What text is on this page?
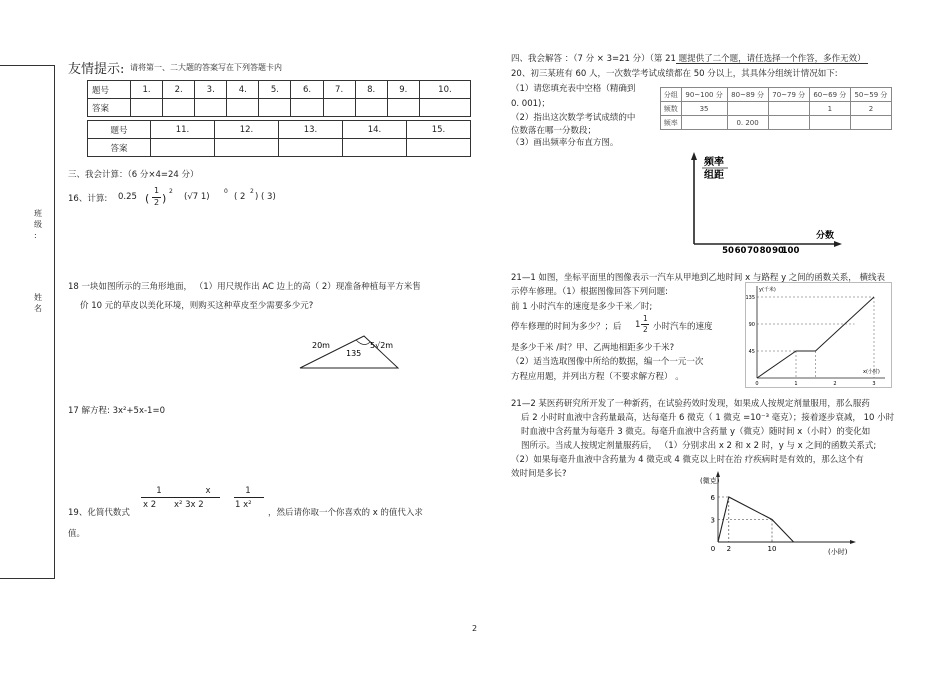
班
级
:
姓
名
友情提示: 请将第一、二大题的答案写在下列答题卡内
题号	1.	2.	3.	4.	5.	6.	7.	8.	9.	10.
答案										
题号	11.	12.	13.	14.	15.
答案					
三、我会计算：（6 分×4=24 分）
16、计算: 0.25 (
1
2 )
2
(√7 1)
0
( 2
2
) ( 3)
18 一块如图所示的三角形地面， （1）用尺规作出 AC 边上的高（ 2）现准备种植每平方米售
价 10 元的草皮以美化环境，则购买这种草皮至少需要多少元?
20m
135
5√2m
17 解方程: 3x²+5x-1=0
19、化简代数式
1
x 2
x
x² 3x 2
1
1 x²
，然后请你取一个你喜欢的 x 的值代入求
值。
四、我会解答 ：（7 分 × 3=21 分）（第 21 题提供了二个题，请任选择一个作答，多作无效）
20、初三某班有 60 人，一次数学考试成绩都在 50 分以上，其具体分组统计情况如下:
（1）请您填充表中空格（精确到
0. 001)；
（2）指出这次数学考试成绩的中
位数落在哪一分数段；
（3）画出频率分布直方图。
分组	90~100 分	80~89 分	70~79 分	60~69 分	50~59 分
频数	35			1	2
频率		0. 200			
频率
组距
分数
50 60 70 80 90
100
21—1 如图，坐标平面里的图像表示一汽车从甲地到乙地时间 x 与路程 y 之间的函数关系， 横线表
示停车修理。（1）根据图像回答下列问题:
前 1 小时汽车的速度是多少千米／时;
停车修理的时间为多少？；后 1
1
2 小时汽车的速度
是多少千米 /时？甲、乙两地相距多少千米?
（2）适当选取图像中所给的数据，编一个一元一次
方程应用题，并列出方程（不要求解方程） 。
y(千米)
x(小时)
135
90
45
0	1	2	3
21—2 某医药研究所开发了一种新药，在试验药效时发现，如果成人按规定剂量服用，那么服药
后 2 小时时血液中含药量最高，达每毫升 6 微克（ 1 微克 =10⁻³ 毫克）；接着逐步衰减， 10 小时
时血液中含药量为每毫升 3 微克。每毫升血液中含药量 y（微克）随时间 x（小时）的变化如
图所示。当成人按规定剂量服药后， （1）分别求出 x 2 和 x 2 时，y 与 x 之间的函数关系式;
（2）如果每毫升血液中含药量为 4 微克或 4 微克以上时在治 疗疾病时是有效的，那么这个有
效时间是多长?
(微克)
(小时)
6
3
0 2	10
2
